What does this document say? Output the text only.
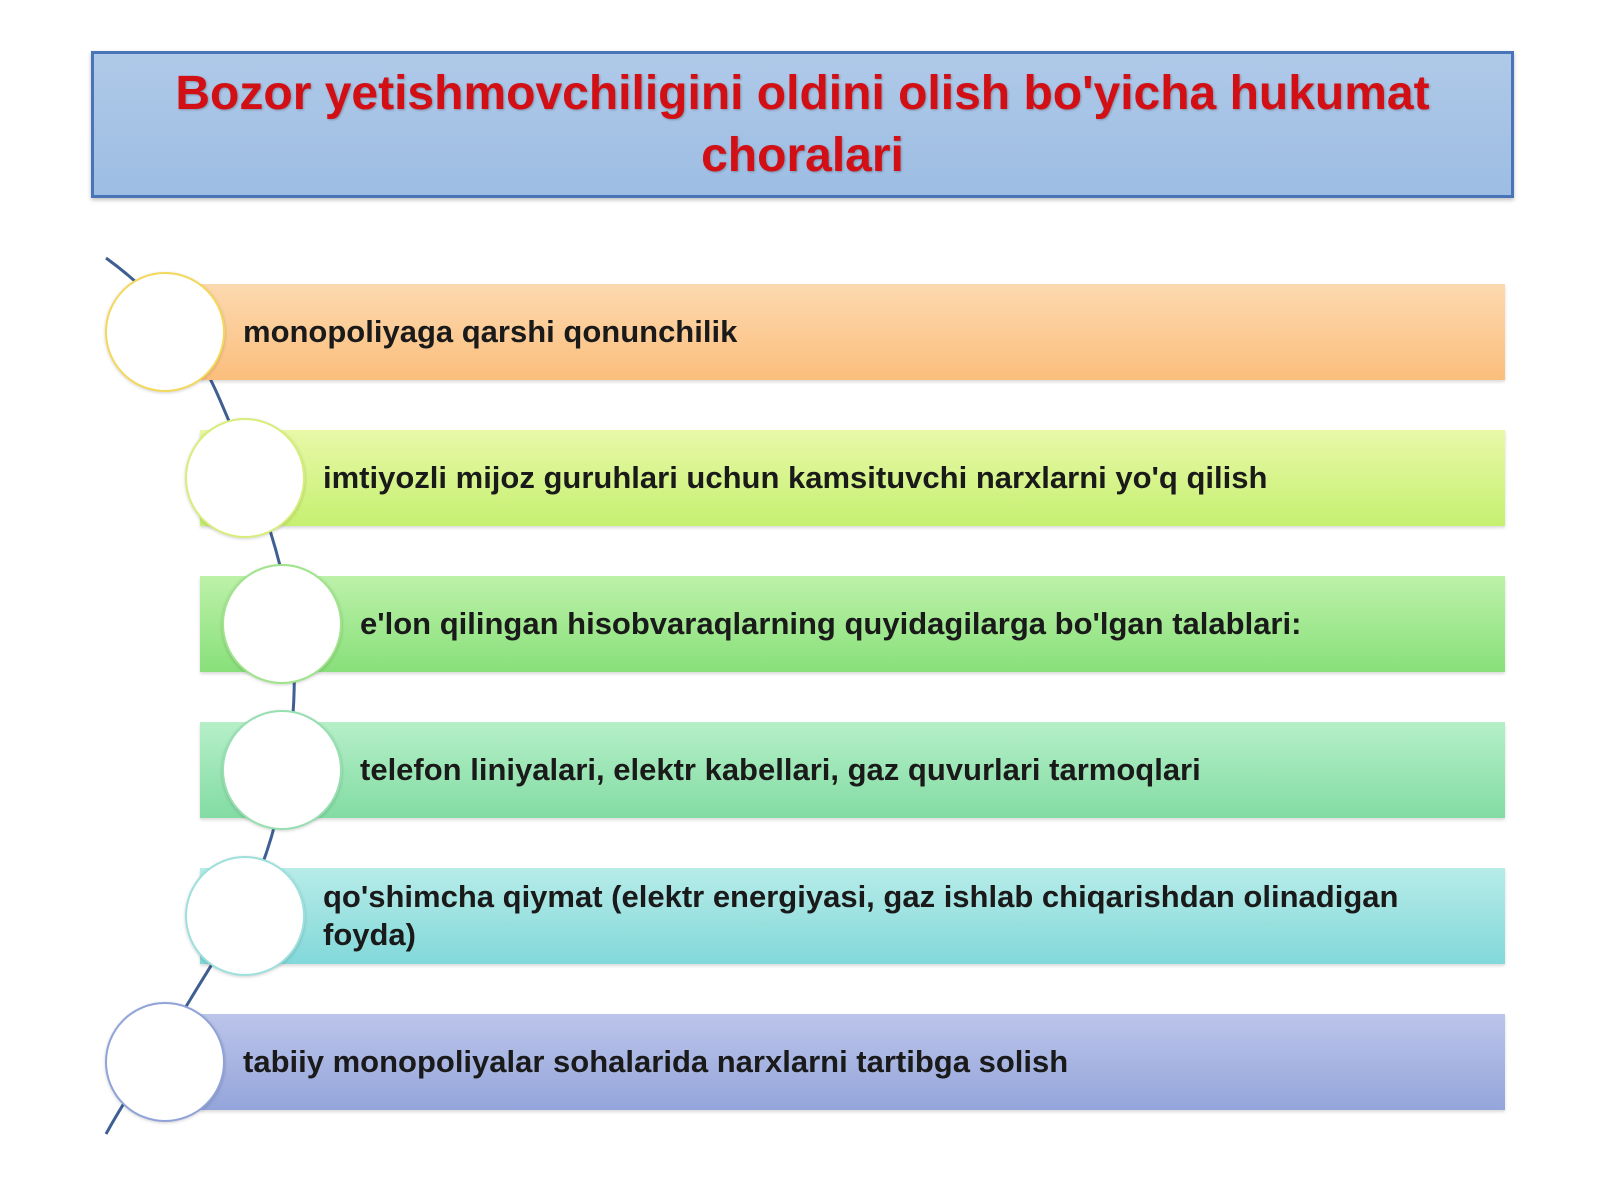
Bozor yetishmovchiligini oldini olish bo'yicha hukumat choralari
monopoliyaga qarshi qonunchilik
imtiyozli mijoz guruhlari uchun kamsituvchi narxlarni yo'q qilish
e'lon qilingan hisobvaraqlarning quyidagilarga bo'lgan talablari:
telefon liniyalari, elektr kabellari, gaz quvurlari tarmoqlari
qo'shimcha qiymat (elektr energiyasi, gaz ishlab chiqarishdan olinadigan foyda)
tabiiy monopoliyalar sohalarida narxlarni tartibga solish
